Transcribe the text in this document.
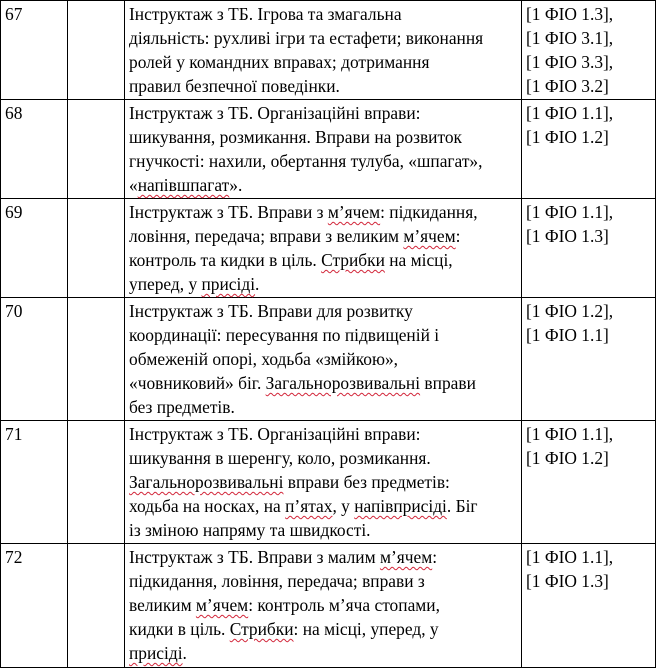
67		Інструктаж з ТБ. Ігрова та змагальна
діяльність: рухливі ігри та естафети; виконання
ролей у командних вправах; дотримання
правил безпечної поведінки.	[1 ФІО 1.3],
[1 ФІО 3.1],
[1 ФІО 3.3],
[1 ФІО 3.2]

68		Інструктаж з ТБ. Організаційні вправи:
шикування, розмикання. Вправи на розвиток
гнучкості: нахили, обертання тулуба, «шпагат»,
«напівшпагат».	[1 ФІО 1.1],
[1 ФІО 1.2]

69		Інструктаж з ТБ. Вправи з м’ячем: підкидання,
ловіння, передача; вправи з великим м’ячем:
контроль та кидки в ціль. Стрибки на місці,
уперед, у присіді.	[1 ФІО 1.1],
[1 ФІО 1.3]

70		Інструктаж з ТБ. Вправи для розвитку
координації: пересування по підвищеній і
обмеженій опорі, ходьба «змійкою»,
«човниковий» біг. Загальнорозвивальні вправи
без предметів.	[1 ФІО 1.2],
[1 ФІО 1.1]

71		Інструктаж з ТБ. Організаційні вправи:
шикування в шеренгу, коло, розмикання.
Загальнорозвивальні вправи без предметів:
ходьба на носках, на п’ятах, у напівприсіді. Біг
із зміною напряму та швидкості.	[1 ФІО 1.1],
[1 ФІО 1.2]

72		Інструктаж з ТБ. Вправи з малим м’ячем:
підкидання, ловіння, передача; вправи з
великим м’ячем: контроль м’яча стопами,
кидки в ціль. Стрибки: на місці, уперед, у
присіді.	[1 ФІО 1.1],
[1 ФІО 1.3]
